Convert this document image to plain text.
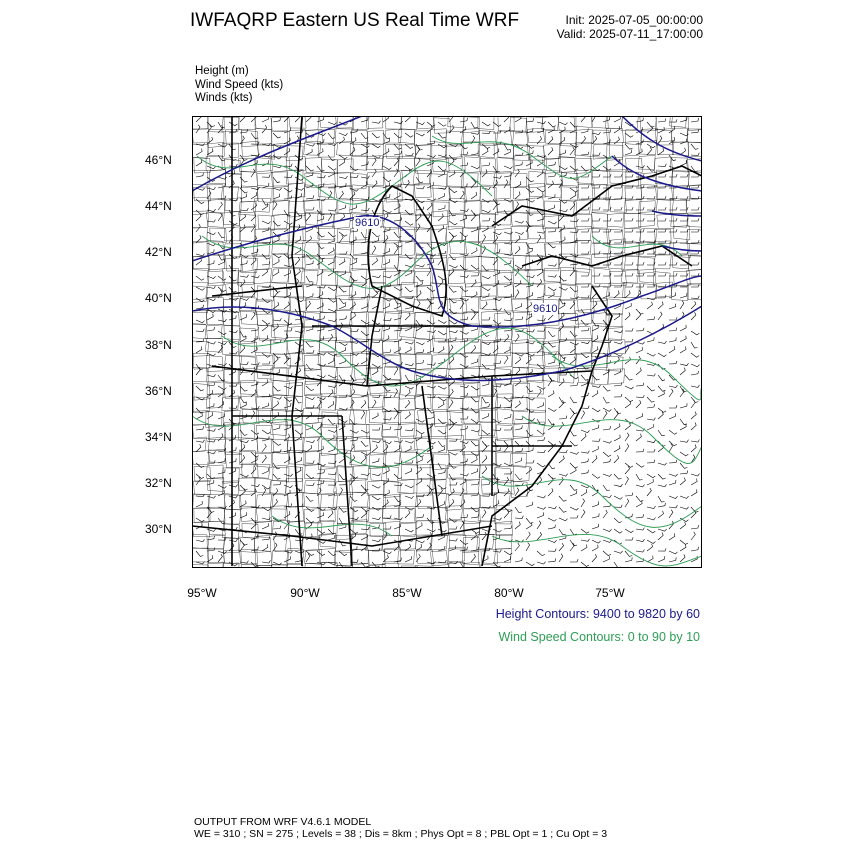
IWFAQRP Eastern US Real Time WRF	Init: 2025-07-05_00:00:00
Valid: 2025-07-11_17:00:00
Height (m)
Wind Speed (kts)
Winds (kts)
9610
9610
46°N
44°N
42°N
40°N
38°N
36°N
34°N
32°N
30°N
95°W	90°W	85°W	80°W	75°W
Height Contours: 9400 to 9820 by 60
Wind Speed Contours: 0 to 90 by 10
OUTPUT FROM WRF V4.6.1 MODEL
WE = 310 ; SN = 275 ; Levels = 38 ; Dis = 8km ; Phys Opt = 8 ; PBL Opt = 1 ; Cu Opt = 3
